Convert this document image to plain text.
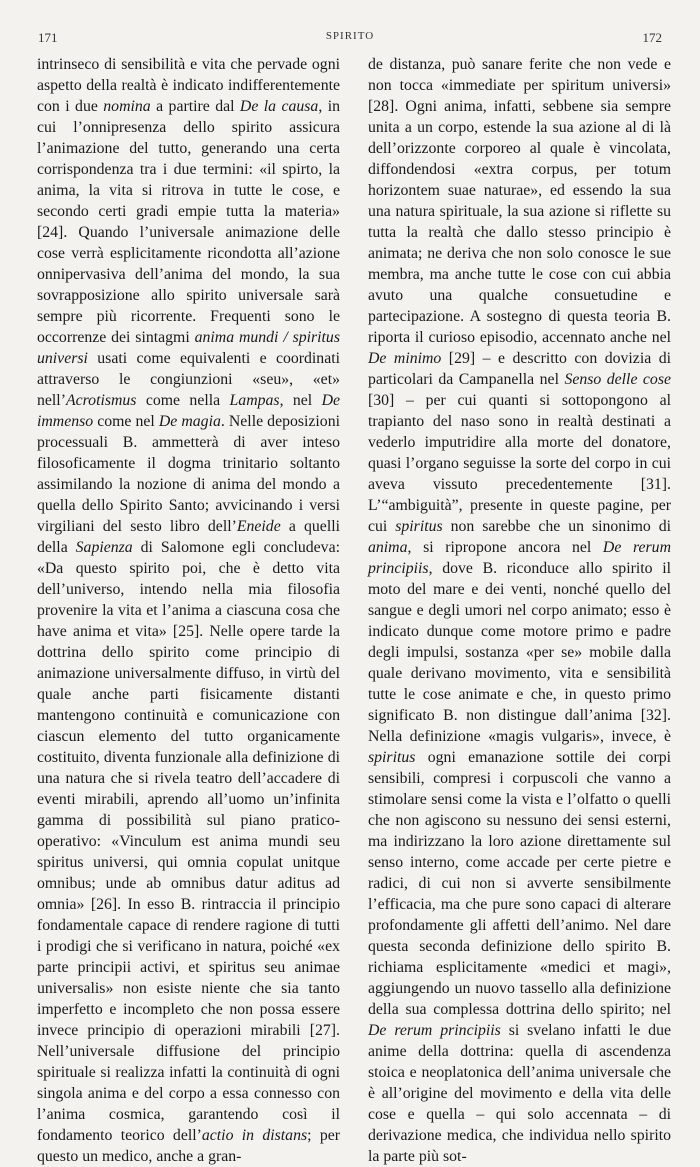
171	SPIRITO	172

intrinseco di sensibilità e vita che pervade ogni aspetto della realtà è indicato indifferentemente con i due nomina a partire dal De la causa, in cui l’onnipresenza dello spirito assicura l’animazione del tutto, generando una certa corrispondenza tra i due termini: «il spirto, la anima, la vita si ritrova in tutte le cose, e secondo certi gradi empie tutta la materia» [24]. Quando l’universale animazione delle cose verrà esplicitamente ricondotta all’azione onnipervasiva dell’anima del mondo, la sua sovrapposizione allo spirito universale sarà sempre più ricorrente. Frequenti sono le occorrenze dei sintagmi anima mundi / spiritus universi usati come equivalenti e coordinati attraverso le congiunzioni «seu», «et» nell’Acrotismus come nella Lampas, nel De immenso come nel De magia. Nelle deposizioni processuali B. ammetterà di aver inteso filosoficamente il dogma trinitario soltanto assimilando la nozione di anima del mondo a quella dello Spirito Santo; avvicinando i versi virgiliani del sesto libro dell’Eneide a quelli della Sapienza di Salomone egli concludeva: «Da questo spirito poi, che è detto vita dell’universo, intendo nella mia filosofia provenire la vita et l’anima a ciascuna cosa che have anima et vita» [25]. Nelle opere tarde la dottrina dello spirito come principio di animazione universalmente diffuso, in virtù del quale anche parti fisicamente distanti mantengono continuità e comunicazione con ciascun elemento del tutto organicamente costituito, diventa funzionale alla definizione di una natura che si rivela teatro dell’accadere di eventi mirabili, aprendo all’uomo un’infinita gamma di possibilità sul piano pratico-operativo: «Vinculum est anima mundi seu spiritus universi, qui omnia copulat unitque omnibus; unde ab omnibus datur aditus ad omnia» [26]. In esso B. rintraccia il principio fondamentale capace di rendere ragione di tutti i prodigi che si verificano in natura, poiché «ex parte principii activi, et spiritus seu animae universalis» non esiste niente che sia tanto imperfetto e incompleto che non possa essere invece principio di operazioni mirabili [27]. Nell’universale diffusione del principio spirituale si realizza infatti la continuità di ogni singola anima e del corpo a essa connesso con l’anima cosmica, garantendo così il fondamento teorico dell’actio in distans; per questo un medico, anche a gran-

de distanza, può sanare ferite che non vede e non tocca «immediate per spiritum universi» [28]. Ogni anima, infatti, sebbene sia sempre unita a un corpo, estende la sua azione al di là dell’orizzonte corporeo al quale è vincolata, diffondendosi «extra corpus, per totum horizontem suae naturae», ed essendo la sua una natura spirituale, la sua azione si riflette su tutta la realtà che dallo stesso principio è animata; ne deriva che non solo conosce le sue membra, ma anche tutte le cose con cui abbia avuto una qualche consuetudine e partecipazione. A sostegno di questa teoria B. riporta il curioso episodio, accennato anche nel De minimo [29] – e descritto con dovizia di particolari da Campanella nel Senso delle cose [30] – per cui quanti si sottopongono al trapianto del naso sono in realtà destinati a vederlo imputridire alla morte del donatore, quasi l’organo seguisse la sorte del corpo in cui aveva vissuto precedentemente [31]. L’“ambiguità”, presente in queste pagine, per cui spiritus non sarebbe che un sinonimo di anima, si ripropone ancora nel De rerum principiis, dove B. riconduce allo spirito il moto del mare e dei venti, nonché quello del sangue e degli umori nel corpo animato; esso è indicato dunque come motore primo e padre degli impulsi, sostanza «per se» mobile dalla quale derivano movimento, vita e sensibilità tutte le cose animate e che, in questo primo significato B. non distingue dall’anima [32]. Nella definizione «magis vulgaris», invece, è spiritus ogni emanazione sottile dei corpi sensibili, compresi i corpuscoli che vanno a stimolare sensi come la vista e l’olfatto o quelli che non agiscono su nessuno dei sensi esterni, ma indirizzano la loro azione direttamente sul senso interno, come accade per certe pietre e radici, di cui non si avverte sensibilmente l’efficacia, ma che pure sono capaci di alterare profondamente gli affetti dell’animo. Nel dare questa seconda definizione dello spirito B. richiama esplicitamente «medici et magi», aggiungendo un nuovo tassello alla definizione della sua complessa dottrina dello spirito; nel De rerum principiis si svelano infatti le due anime della dottrina: quella di ascendenza stoica e neoplatonica dell’anima universale che è all’origine del movimento e della vita delle cose e quella – qui solo accennata – di derivazione medica, che individua nello spirito la parte più sot-
